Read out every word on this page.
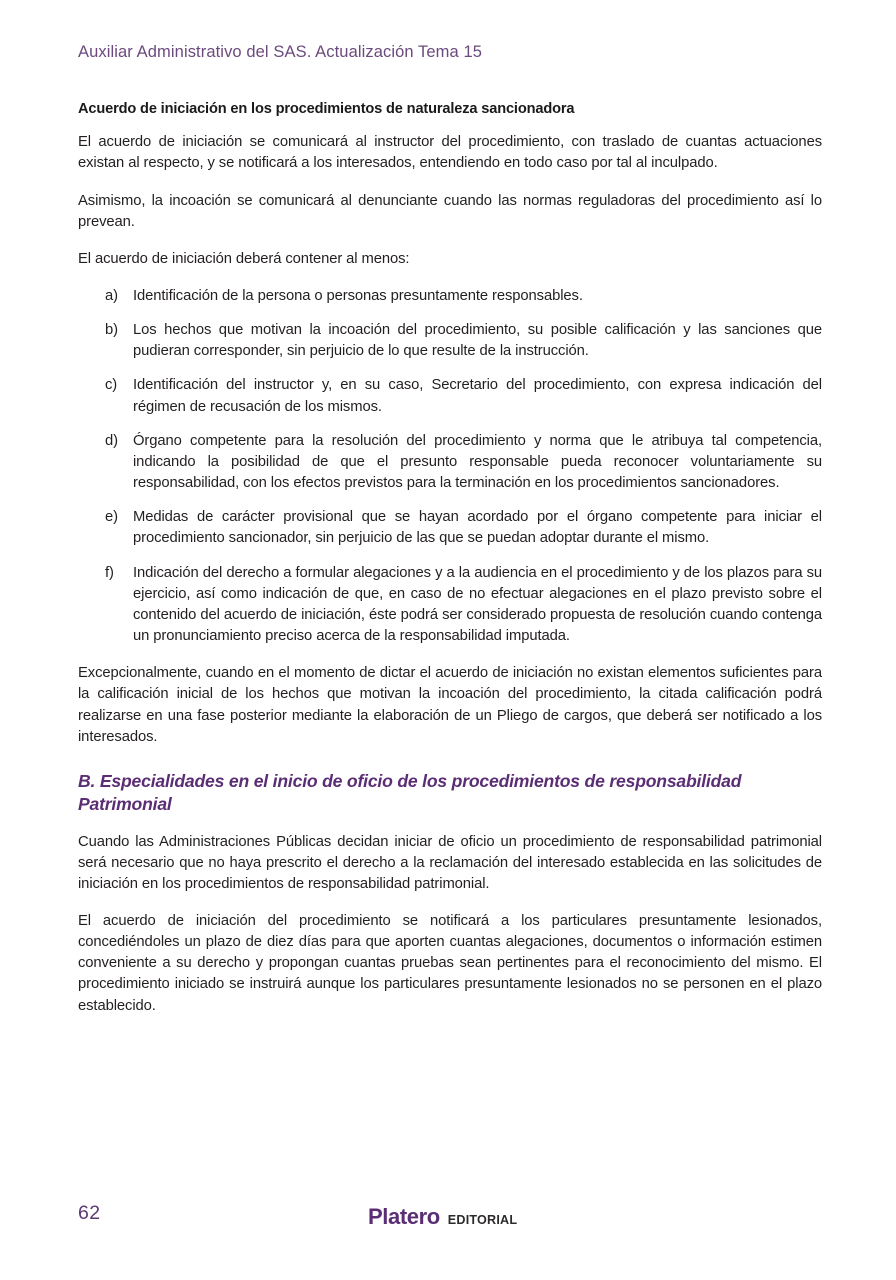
Auxiliar Administrativo del SAS. Actualización Tema 15
Acuerdo de iniciación en los procedimientos de naturaleza sancionadora

El acuerdo de iniciación se comunicará al instructor del procedimiento, con traslado de cuantas actuaciones existan al respecto, y se notificará a los interesados, entendiendo en todo caso por tal al inculpado.

Asimismo, la incoación se comunicará al denunciante cuando las normas reguladoras del procedimiento así lo prevean.

El acuerdo de iniciación deberá contener al menos:

a)	Identificación de la persona o personas presuntamente responsables.
b)	Los hechos que motivan la incoación del procedimiento, su posible calificación y las sanciones que pudieran corresponder, sin perjuicio de lo que resulte de la instrucción.
c)	Identificación del instructor y, en su caso, Secretario del procedimiento, con expresa indicación del régimen de recusación de los mismos.
d)	Órgano competente para la resolución del procedimiento y norma que le atribuya tal competencia, indicando la posibilidad de que el presunto responsable pueda reconocer voluntariamente su responsabilidad, con los efectos previstos para la terminación en los procedimientos sancionadores.
e)	Medidas de carácter provisional que se hayan acordado por el órgano competente para iniciar el procedimiento sancionador, sin perjuicio de las que se puedan adoptar durante el mismo.
f)	Indicación del derecho a formular alegaciones y a la audiencia en el procedimiento y de los plazos para su ejercicio, así como indicación de que, en caso de no efectuar alegaciones en el plazo previsto sobre el contenido del acuerdo de iniciación, éste podrá ser considerado propuesta de resolución cuando contenga un pronunciamiento preciso acerca de la responsabilidad imputada.

Excepcionalmente, cuando en el momento de dictar el acuerdo de iniciación no existan elementos suficientes para la calificación inicial de los hechos que motivan la incoación del procedimiento, la citada calificación podrá realizarse en una fase posterior mediante la elaboración de un Pliego de cargos, que deberá ser notificado a los interesados.

B. Especialidades en el inicio de oficio de los procedimientos de responsabilidad Patrimonial

Cuando las Administraciones Públicas decidan iniciar de oficio un procedimiento de responsabilidad patrimonial será necesario que no haya prescrito el derecho a la reclamación del interesado establecida en las solicitudes de iniciación en los procedimientos de responsabilidad patrimonial.

El acuerdo de iniciación del procedimiento se notificará a los particulares presuntamente lesionados, concediéndoles un plazo de diez días para que aporten cuantas alegaciones, documentos o información estimen conveniente a su derecho y propongan cuantas pruebas sean pertinentes para el reconocimiento del mismo. El procedimiento iniciado se instruirá aunque los particulares presuntamente lesionados no se personen en el plazo establecido.

62	Platero EDITORIAL
